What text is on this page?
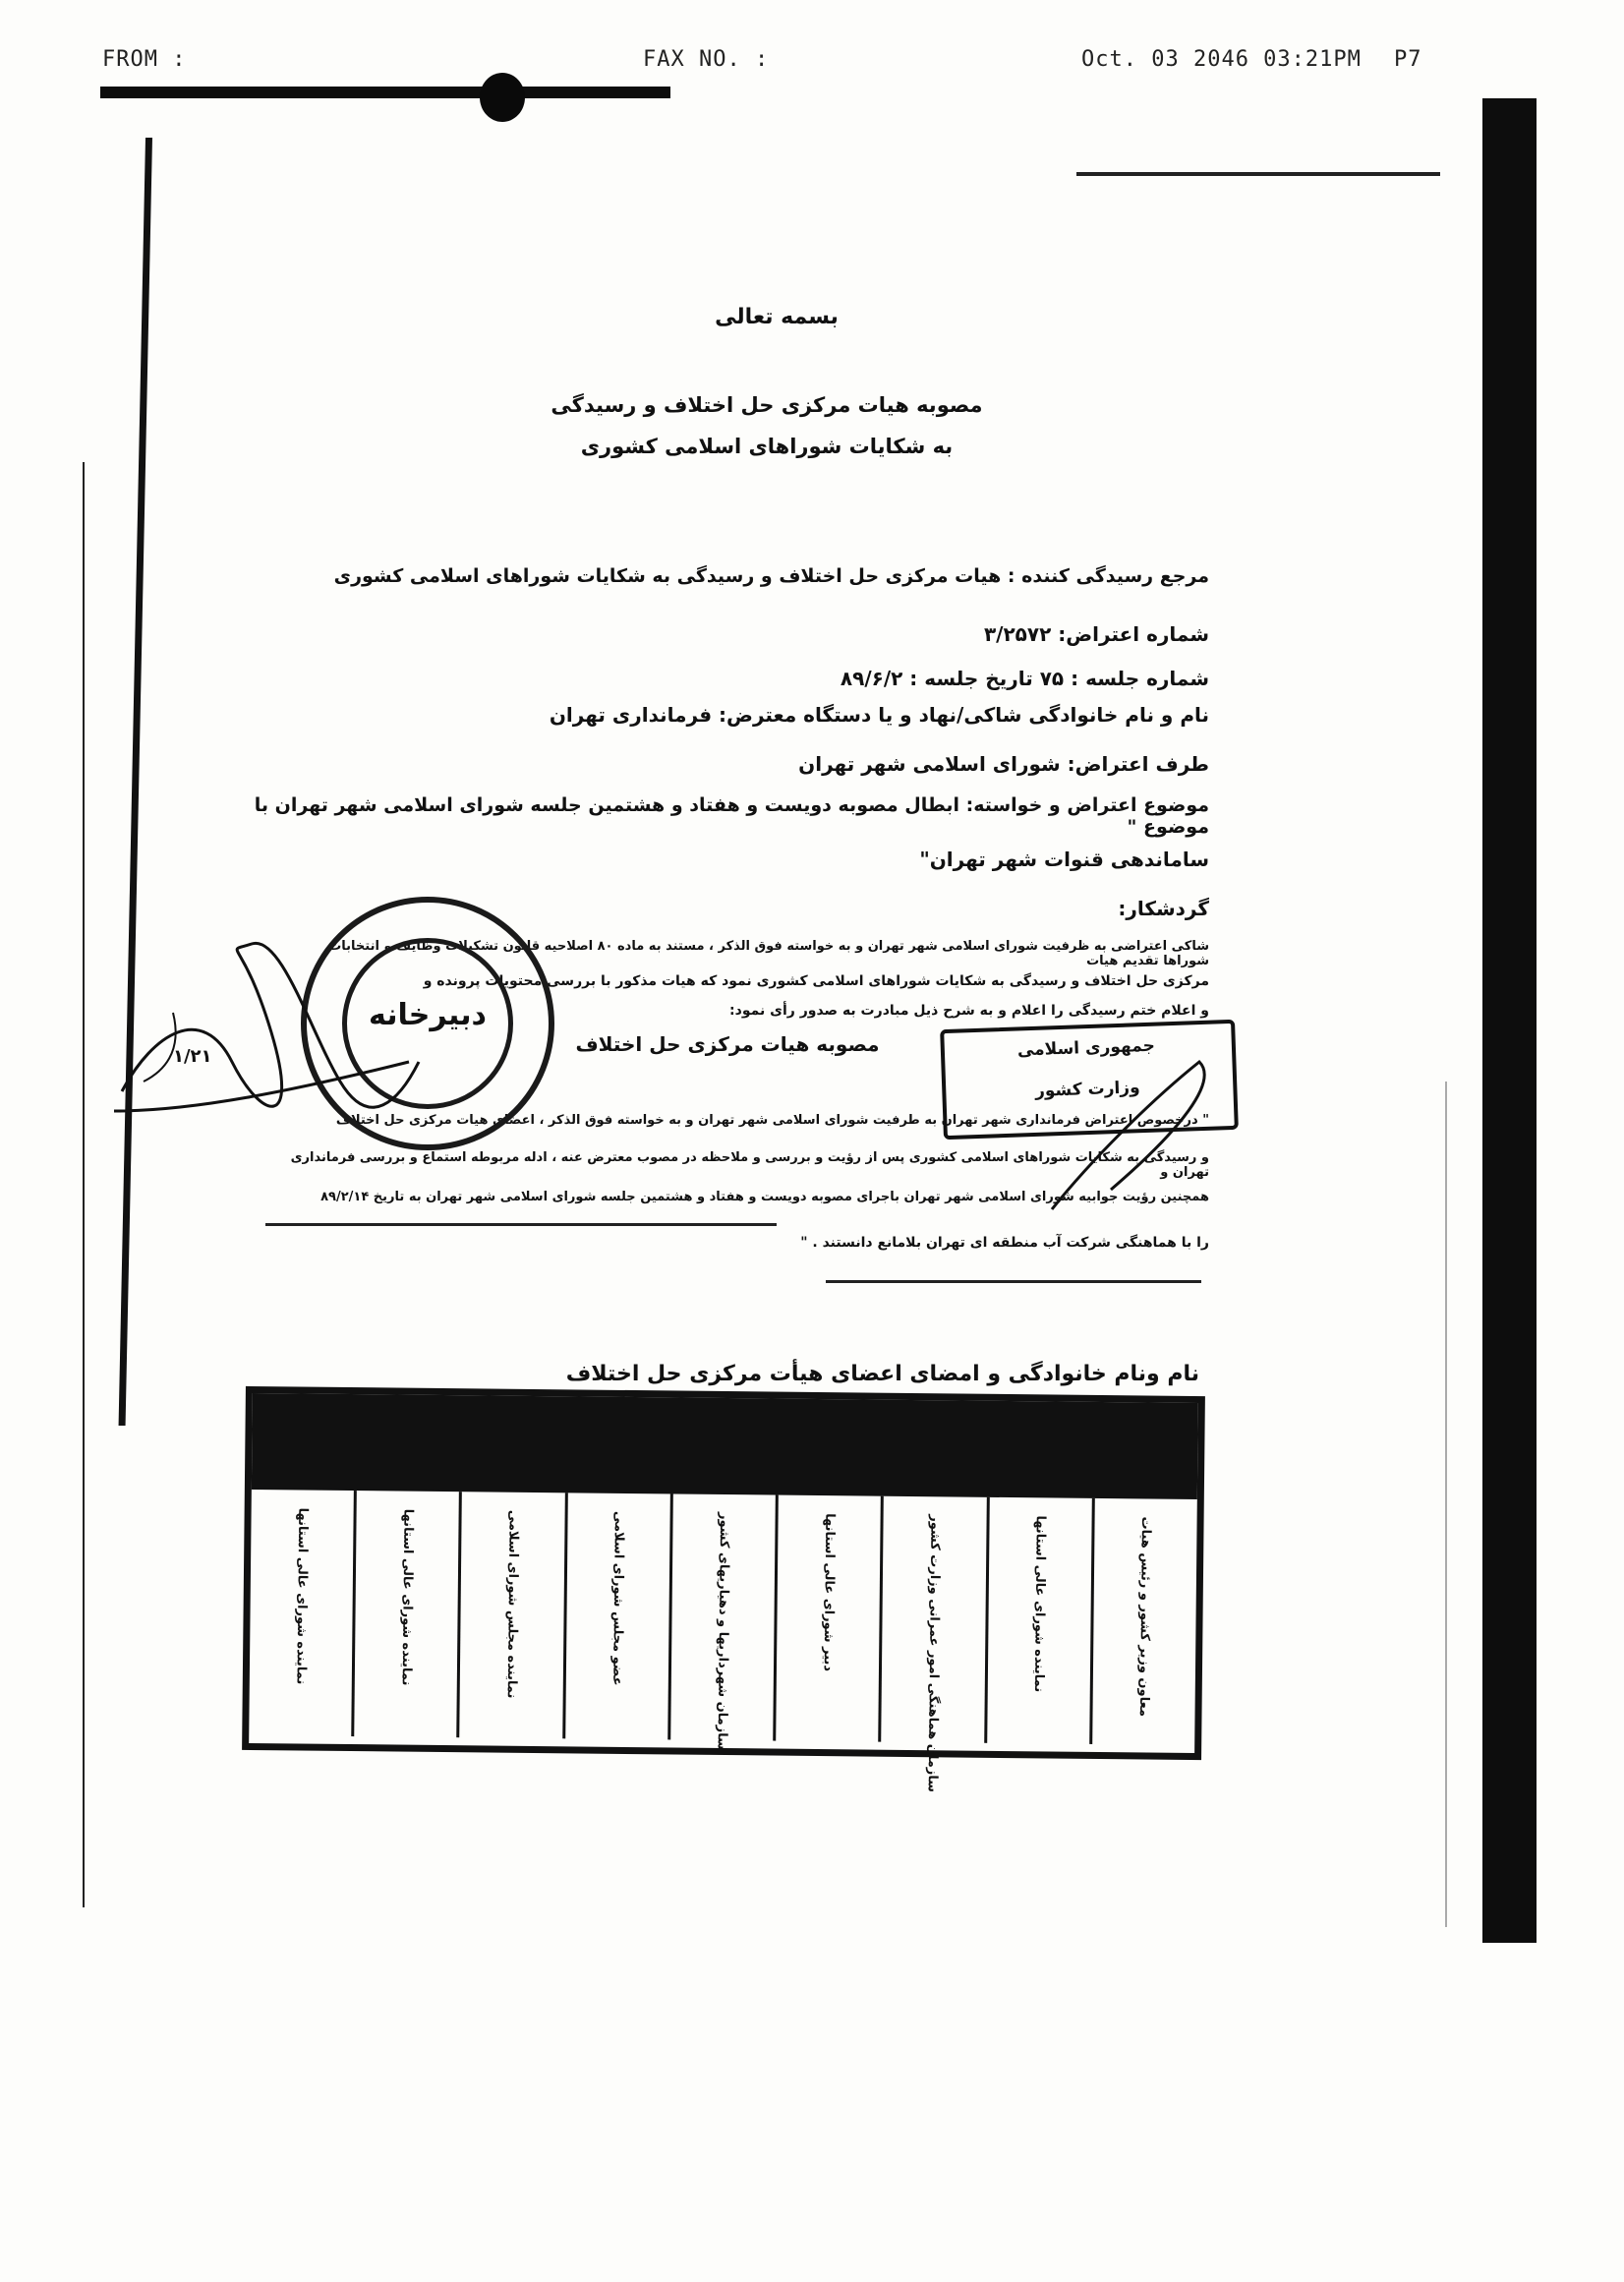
FROM :	FAX NO. :	Oct. 03 2046 03:21PM P7
بسمه تعالی
مصوبه هیات مرکزی حل اختلاف و رسیدگی
به شکایات شوراهای اسلامی کشوری
مرجع رسیدگی کننده : هیات مرکزی حل اختلاف و رسیدگی به شکایات شوراهای اسلامی کشوری
شماره اعتراض: ۳/۲۵۷۲
شماره جلسه : ۷۵ تاریخ جلسه : ۸۹/۶/۲
نام و نام خانوادگی شاکی/نهاد و یا دستگاه معترض: فرمانداری تهران
طرف اعتراض: شورای اسلامی شهر تهران
موضوع اعتراض و خواسته: ابطال مصوبه دویست و هفتاد و هشتمین جلسه شورای اسلامی شهر تهران با موضوع "
ساماندهی قنوات شهر تهران"
گردشکار:
شاکی اعتراضی به ظرفیت شورای اسلامی شهر تهران و به خواسته فوق الذکر ، مستند به ماده ۸۰ اصلاحیه قانون تشکیلات وظایف و انتخابات شوراها تقدیم هیات
مرکزی حل اختلاف و رسیدگی به شکایات شوراهای اسلامی کشوری نمود که هیات مذکور با بررسی محتویات پرونده و
و اعلام ختم رسیدگی را اعلام و به شرح ذیل مبادرت به صدور رأی نمود:
مصوبه هیات مرکزی حل اختلاف
" درخصوص اعتراض فرمانداری شهر تهران به طرفیت شورای اسلامی شهر تهران و به خواسته فوق الذکر ، اعضای هیات مرکزی حل اختلاف
و رسیدگی به شکایات شوراهای اسلامی کشوری پس از رؤیت و بررسی و ملاحظه در مصوب معترض عنه ، ادله مربوطه استماع و بررسی فرمانداری تهران و
همچنین رؤیت جوابیه شورای اسلامی شهر تهران باجرای مصوبه دویست و هفتاد و هشتمین جلسه شورای اسلامی شهر تهران به تاریخ ۸۹/۲/۱۴
را با هماهنگی شرکت آب منطقه ای تهران بلامانع دانستند . "
دبیرخانه
۱/۲۱	جمهوری اسلامی
وزارت کشور
نام ونام خانوادگی و امضای اعضای هیأت مرکزی حل اختلاف
معاون وزیر کشور و رئیس هیات
نماینده شورای عالی استانها
سازمان هماهنگی امور عمرانی وزارت کشور
دبیر شورای عالی استانها
سازمان شهرداریها و دهیاریهای کشور
عضو مجلس شورای اسلامی
نماینده مجلس شورای اسلامی
نماینده شورای عالی استانها
نماینده شورای عالی استانها
